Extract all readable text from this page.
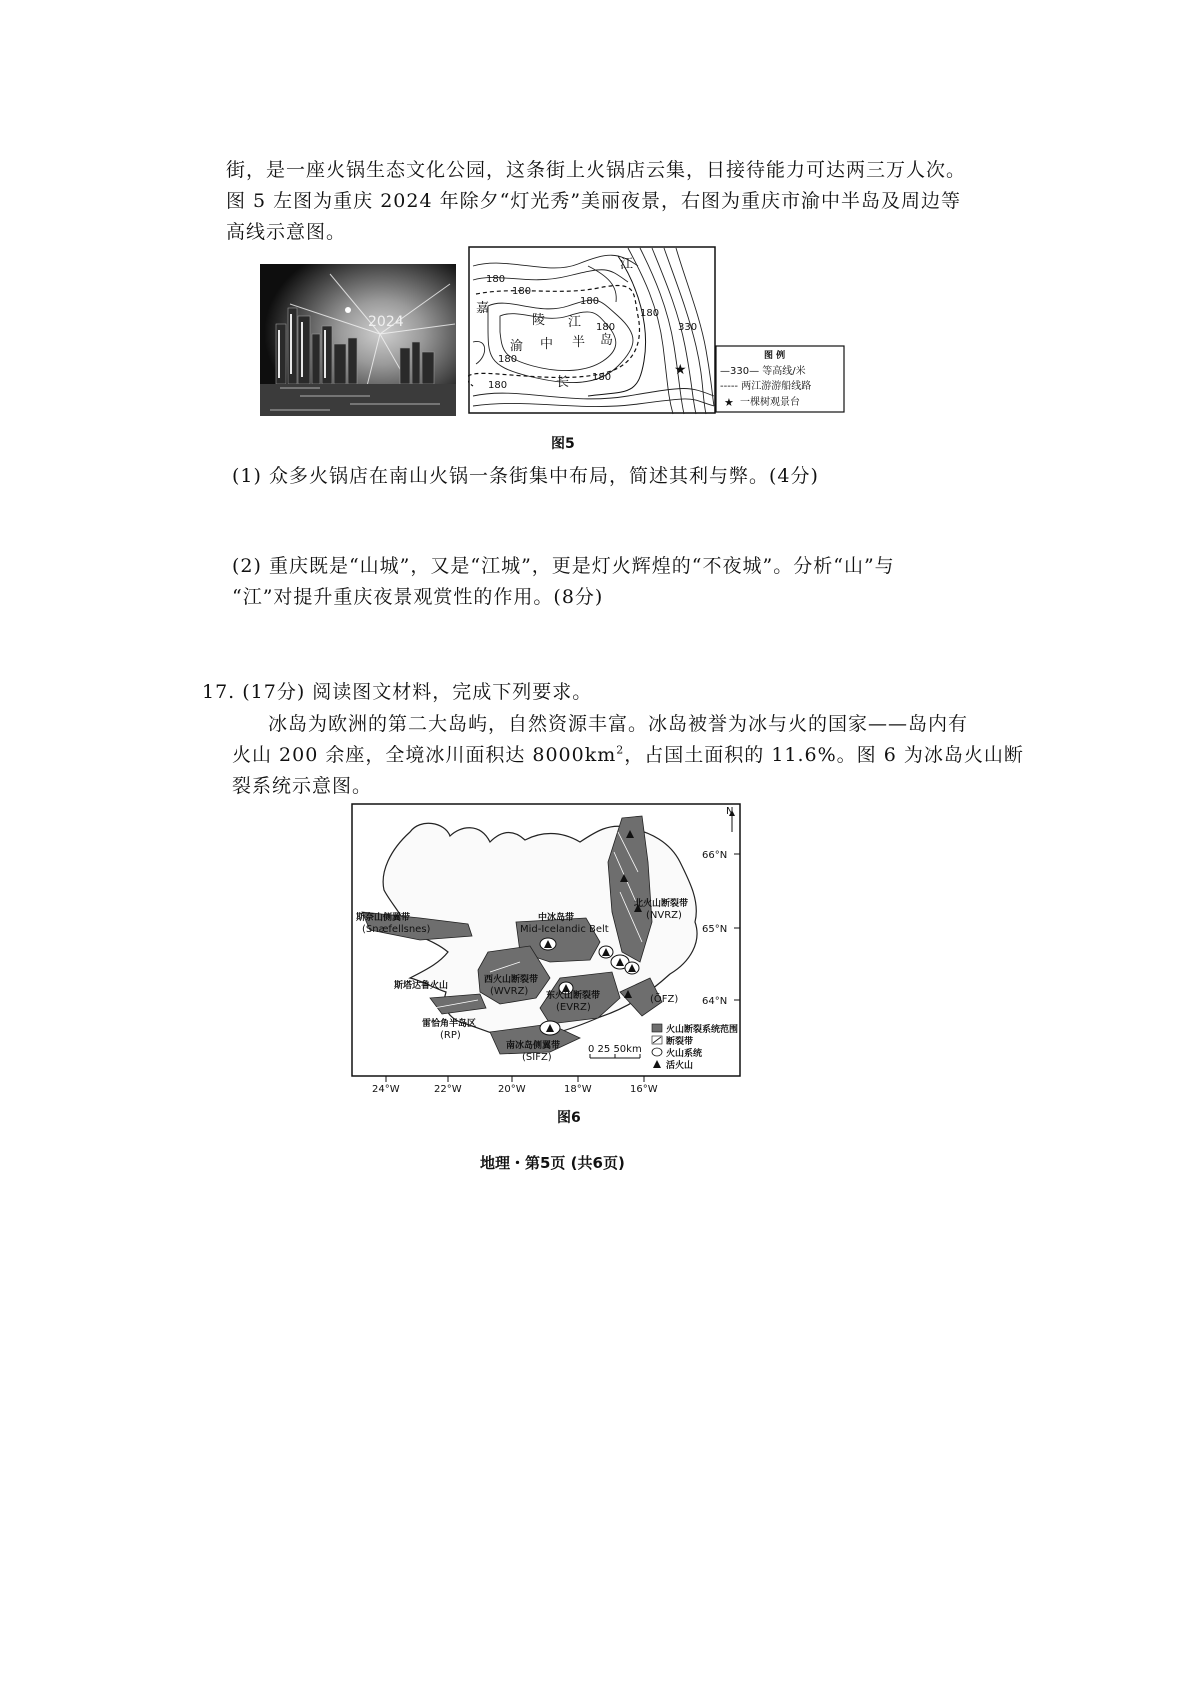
街，是一座火锅生态文化公园，这条街上火锅店云集，日接待能力可达两三万人次。
图 5 左图为重庆 2024 年除夕“灯光秀”美丽夜景，右图为重庆市渝中半岛及周边等
高线示意图。
2024
★
江
嘉
陵 江
渝 中 半 岛
长
180
180
180
180
180
180
180
180
330
图 例
—330— 等高线/米
----- 两江游游船线路
★ 一棵树观景台
图5
(1) 众多火锅店在南山火锅一条街集中布局，简述其利与弊。(4分)
(2) 重庆既是“山城”，又是“江城”，更是灯火辉煌的“不夜城”。分析“山”与
“江”对提升重庆夜景观赏性的作用。(8分)
17. (17分) 阅读图文材料，完成下列要求。
冰岛为欧洲的第二大岛屿，自然资源丰富。冰岛被誉为冰与火的国家——岛内有
火山 200 余座，全境冰川面积达 $8000km^2$，占国土面积的 11.6%。图 6 为冰岛火山断
裂系统示意图。
N
66°N
65°N
64°N
24°W	22°W	20°W	18°W	16°W
斯奈山侧翼带
(Snæfellsnes)
中冰岛带
Mid-Icelandic Belt
北火山断裂带
(NVRZ)
西火山断裂带
(WVRZ)
斯塔达鲁火山
东火山断裂带
(EVRZ)
雷恰角半岛区
(RP)
南冰岛侧翼带
(SIFZ)
(ÖFZ)
0 25 50km
火山断裂系统范围
断裂带
火山系统
活火山
图6
地理・第5页 (共6页)
